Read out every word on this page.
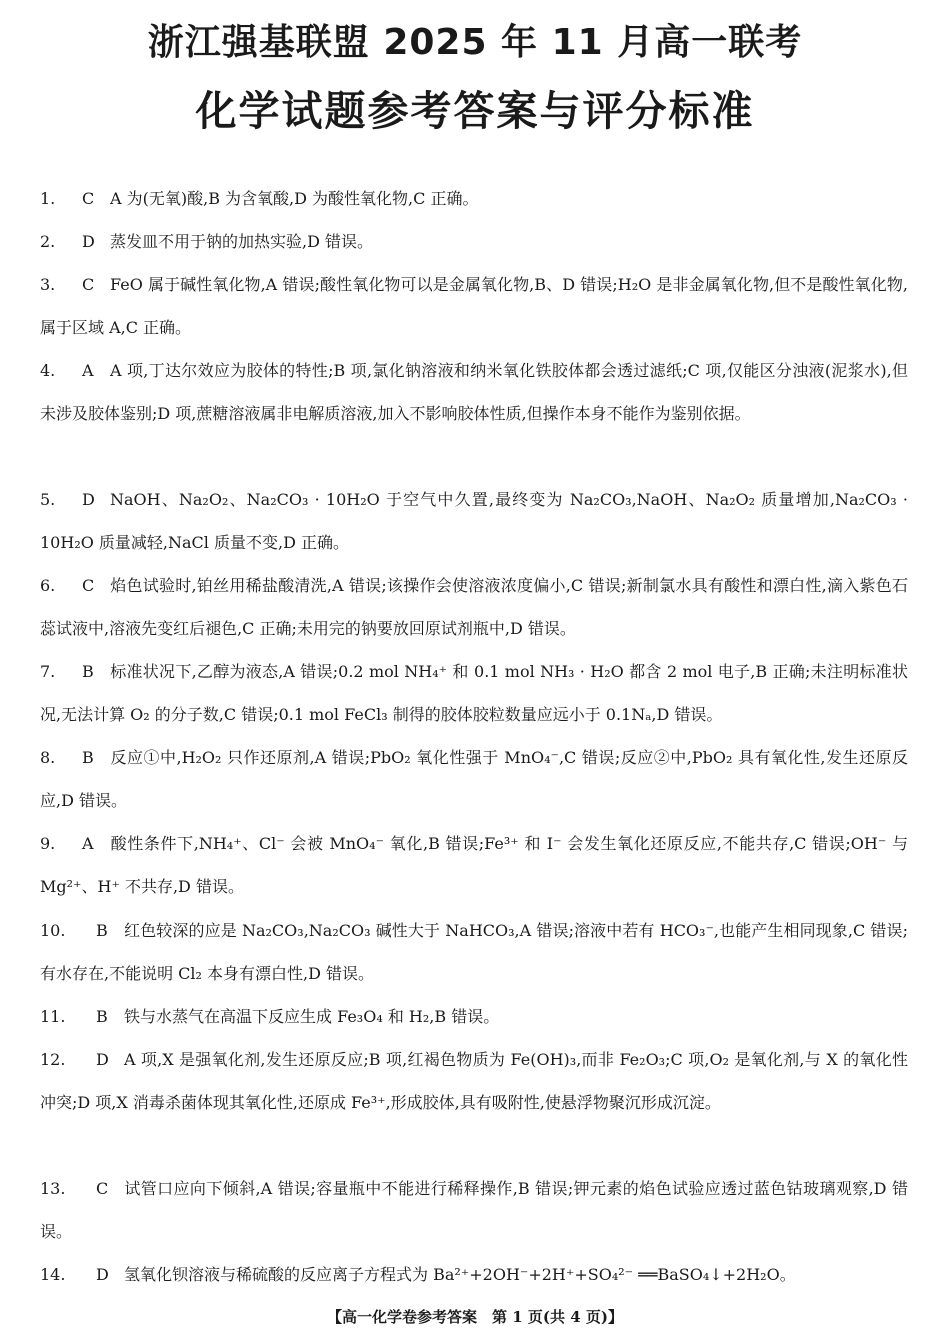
浙江强基联盟 2025 年 11 月高一联考
化学试题参考答案与评分标准
1. C A 为(无氧)酸,B 为含氧酸,D 为酸性氧化物,C 正确。
2. D 蒸发皿不用于钠的加热实验,D 错误。
3. C FeO 属于碱性氧化物,A 错误;酸性氧化物可以是金属氧化物,B、D 错误;H₂O 是非金属氧化物,但不是酸性氧化物,属于区域 A,C 正确。
4. A A 项,丁达尔效应为胶体的特性;B 项,氯化钠溶液和纳米氧化铁胶体都会透过滤纸;C 项,仅能区分浊液(泥浆水),但未涉及胶体鉴别;D 项,蔗糖溶液属非电解质溶液,加入不影响胶体性质,但操作本身不能作为鉴别依据。
5. D NaOH、Na₂O₂、Na₂CO₃ · 10H₂O 于空气中久置,最终变为 Na₂CO₃,NaOH、Na₂O₂ 质量增加,Na₂CO₃ · 10H₂O 质量减轻,NaCl 质量不变,D 正确。
6. C 焰色试验时,铂丝用稀盐酸清洗,A 错误;该操作会使溶液浓度偏小,C 错误;新制氯水具有酸性和漂白性,滴入紫色石蕊试液中,溶液先变红后褪色,C 正确;未用完的钠要放回原试剂瓶中,D 错误。
7. B 标准状况下,乙醇为液态,A 错误;0.2 mol NH₄⁺ 和 0.1 mol NH₃ · H₂O 都含 2 mol 电子,B 正确;未注明标准状况,无法计算 O₂ 的分子数,C 错误;0.1 mol FeCl₃ 制得的胶体胶粒数量应远小于 0.1Nₐ,D 错误。
8. B 反应①中,H₂O₂ 只作还原剂,A 错误;PbO₂ 氧化性强于 MnO₄⁻,C 错误;反应②中,PbO₂ 具有氧化性,发生还原反应,D 错误。
9. A 酸性条件下,NH₄⁺、Cl⁻ 会被 MnO₄⁻ 氧化,B 错误;Fe³⁺ 和 I⁻ 会发生氧化还原反应,不能共存,C 错误;OH⁻ 与 Mg²⁺、H⁺ 不共存,D 错误。
10. B 红色较深的应是 Na₂CO₃,Na₂CO₃ 碱性大于 NaHCO₃,A 错误;溶液中若有 HCO₃⁻,也能产生相同现象,C 错误;有水存在,不能说明 Cl₂ 本身有漂白性,D 错误。
11. B 铁与水蒸气在高温下反应生成 Fe₃O₄ 和 H₂,B 错误。
12. D A 项,X 是强氧化剂,发生还原反应;B 项,红褐色物质为 Fe(OH)₃,而非 Fe₂O₃;C 项,O₂ 是氧化剂,与 X 的氧化性冲突;D 项,X 消毒杀菌体现其氧化性,还原成 Fe³⁺,形成胶体,具有吸附性,使悬浮物聚沉形成沉淀。
13. C 试管口应向下倾斜,A 错误;容量瓶中不能进行稀释操作,B 错误;钾元素的焰色试验应透过蓝色钴玻璃观察,D 错误。
14. D 氢氧化钡溶液与稀硫酸的反应离子方程式为 Ba²⁺+2OH⁻+2H⁺+SO₄²⁻ ══BaSO₄↓+2H₂O。
【高一化学卷参考答案　第 1 页(共 4 页)】
